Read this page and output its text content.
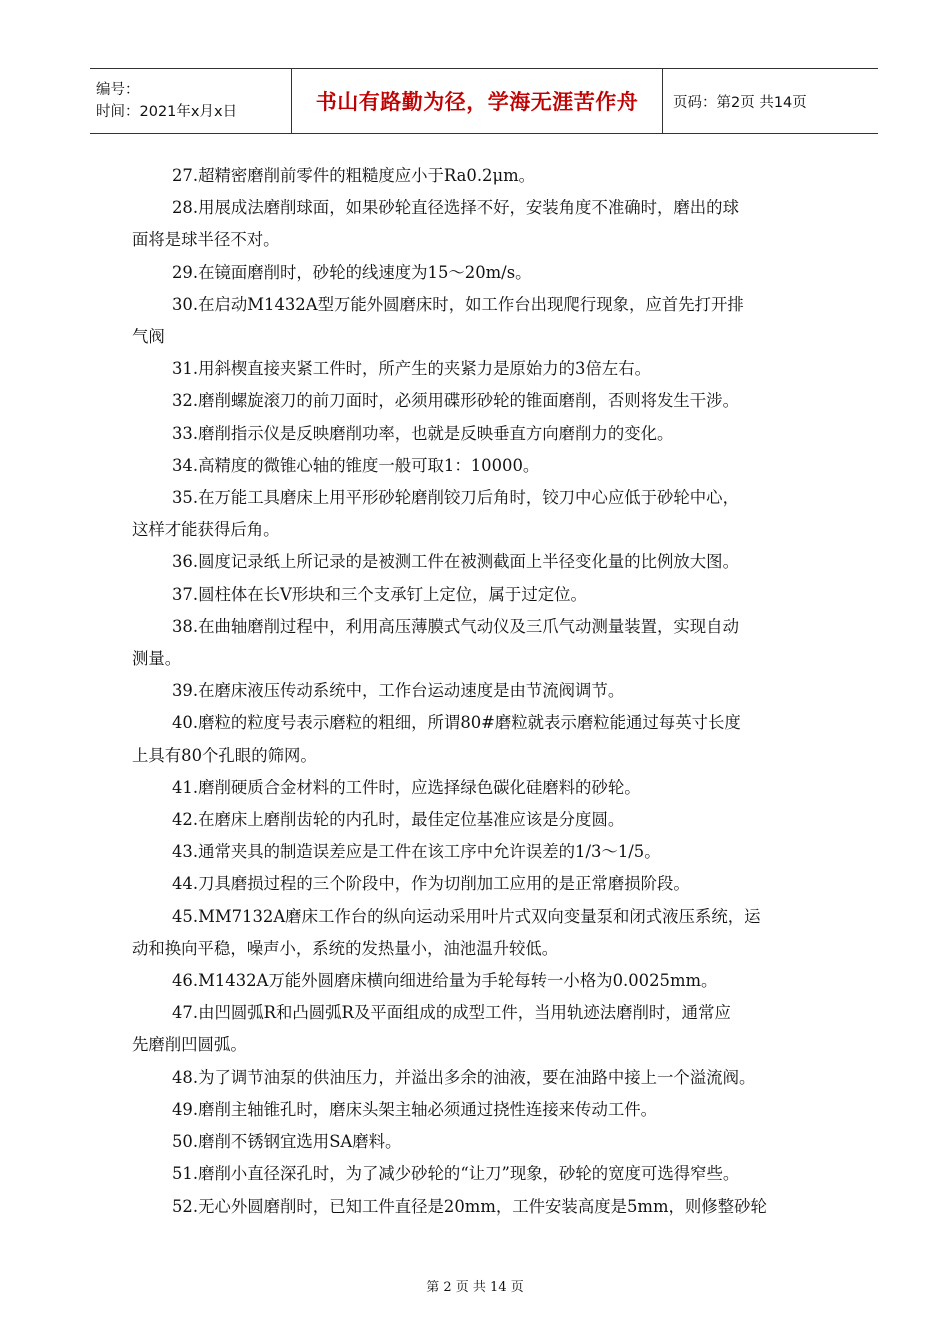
编号：
时间：2021年x月x日	书山有路勤为径，学海无涯苦作舟 页码：第2页 共14页
27.超精密磨削前零件的粗糙度应小于Ra0.2μm。
28.用展成法磨削球面，如果砂轮直径选择不好，安装角度不准确时，磨出的球
面将是球半径不对。
29.在镜面磨削时，砂轮的线速度为15～20m/s。
30.在启动M1432A型万能外圆磨床时，如工作台出现爬行现象，应首先打开排
气阀
31.用斜楔直接夹紧工件时，所产生的夹紧力是原始力的3倍左右。
32.磨削螺旋滚刀的前刀面时，必须用碟形砂轮的锥面磨削，否则将发生干涉。
33.磨削指示仪是反映磨削功率，也就是反映垂直方向磨削力的变化。
34.高精度的微锥心轴的锥度一般可取1：10000。
35.在万能工具磨床上用平形砂轮磨削铰刀后角时，铰刀中心应低于砂轮中心，
这样才能获得后角。
36.圆度记录纸上所记录的是被测工件在被测截面上半径变化量的比例放大图。
37.圆柱体在长V形块和三个支承钉上定位，属于过定位。
38.在曲轴磨削过程中，利用高压薄膜式气动仪及三爪气动测量装置，实现自动
测量。
39.在磨床液压传动系统中，工作台运动速度是由节流阀调节。
40.磨粒的粒度号表示磨粒的粗细，所谓80#磨粒就表示磨粒能通过每英寸长度
上具有80个孔眼的筛网。
41.磨削硬质合金材料的工件时，应选择绿色碳化硅磨料的砂轮。
42.在磨床上磨削齿轮的内孔时，最佳定位基准应该是分度圆。
43.通常夹具的制造误差应是工件在该工序中允许误差的1/3～1/5。
44.刀具磨损过程的三个阶段中，作为切削加工应用的是正常磨损阶段。
45.MM7132A磨床工作台的纵向运动采用叶片式双向变量泵和闭式液压系统，运
动和换向平稳，噪声小，系统的发热量小，油池温升较低。
46.M1432A万能外圆磨床横向细进给量为手轮每转一小格为0.0025mm。
47.由凹圆弧R和凸圆弧R及平面组成的成型工件，当用轨迹法磨削时，通常应
先磨削凹圆弧。
48.为了调节油泵的供油压力，并溢出多余的油液，要在油路中接上一个溢流阀。
49.磨削主轴锥孔时，磨床头架主轴必须通过挠性连接来传动工件。
50.磨削不锈钢宜选用SA磨料。
51.磨削小直径深孔时，为了减少砂轮的“让刀”现象，砂轮的宽度可选得窄些。
52.无心外圆磨削时，已知工件直径是20mm，工件安装高度是5mm，则修整砂轮
第 2 页 共 14 页
